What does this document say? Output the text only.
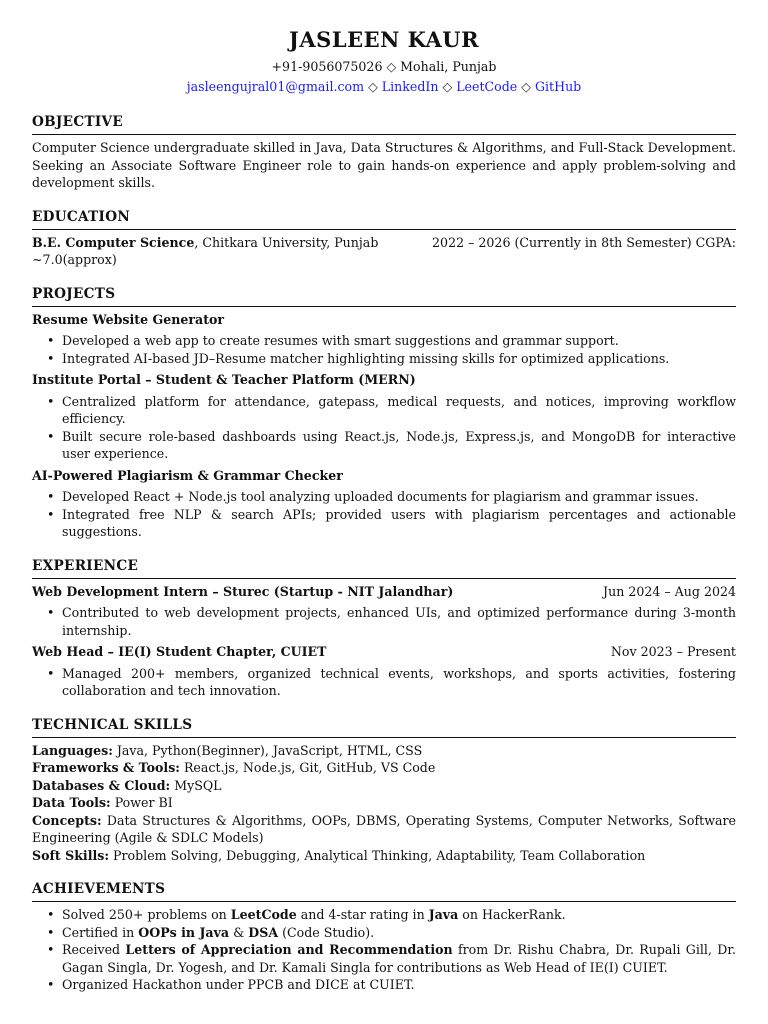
JASLEEN KAUR
+91-9056075026 ◇ Mohali, Punjab
jasleengujral01@gmail.com ◇ LinkedIn ◇ LeetCode ◇ GitHub
OBJECTIVE
Computer Science undergraduate skilled in Java, Data Structures & Algorithms, and Full-Stack Development. Seeking an Associate Software Engineer role to gain hands-on experience and apply problem-solving and development skills.
EDUCATION
B.E. Computer Science, Chitkara University, Punjab	2022 – 2026 (Currently in 8th Semester) CGPA:
~7.0(approx)
PROJECTS
Resume Website Generator
• Developed a web app to create resumes with smart suggestions and grammar support.
• Integrated AI-based JD–Resume matcher highlighting missing skills for optimized applications.
Institute Portal – Student & Teacher Platform (MERN)
• Centralized platform for attendance, gatepass, medical requests, and notices, improving workflow efficiency.
• Built secure role-based dashboards using React.js, Node.js, Express.js, and MongoDB for interactive user experience.
AI-Powered Plagiarism & Grammar Checker
• Developed React + Node.js tool analyzing uploaded documents for plagiarism and grammar issues.
• Integrated free NLP & search APIs; provided users with plagiarism percentages and actionable suggestions.
EXPERIENCE
Web Development Intern – Sturec (Startup - NIT Jalandhar)	Jun 2024 – Aug 2024
• Contributed to web development projects, enhanced UIs, and optimized performance during 3-month internship.
Web Head – IE(I) Student Chapter, CUIET	Nov 2023 – Present
• Managed 200+ members, organized technical events, workshops, and sports activities, fostering collaboration and tech innovation.
TECHNICAL SKILLS
Languages: Java, Python(Beginner), JavaScript, HTML, CSS
Frameworks & Tools: React.js, Node.js, Git, GitHub, VS Code
Databases & Cloud: MySQL
Data Tools: Power BI
Concepts: Data Structures & Algorithms, OOPs, DBMS, Operating Systems, Computer Networks, Software Engineering (Agile & SDLC Models)
Soft Skills: Problem Solving, Debugging, Analytical Thinking, Adaptability, Team Collaboration
ACHIEVEMENTS
• Solved 250+ problems on LeetCode and 4-star rating in Java on HackerRank.
• Certified in OOPs in Java & DSA (Code Studio).
• Received Letters of Appreciation and Recommendation from Dr. Rishu Chabra, Dr. Rupali Gill, Dr. Gagan Singla, Dr. Yogesh, and Dr. Kamali Singla for contributions as Web Head of IE(I) CUIET.
• Organized Hackathon under PPCB and DICE at CUIET.
